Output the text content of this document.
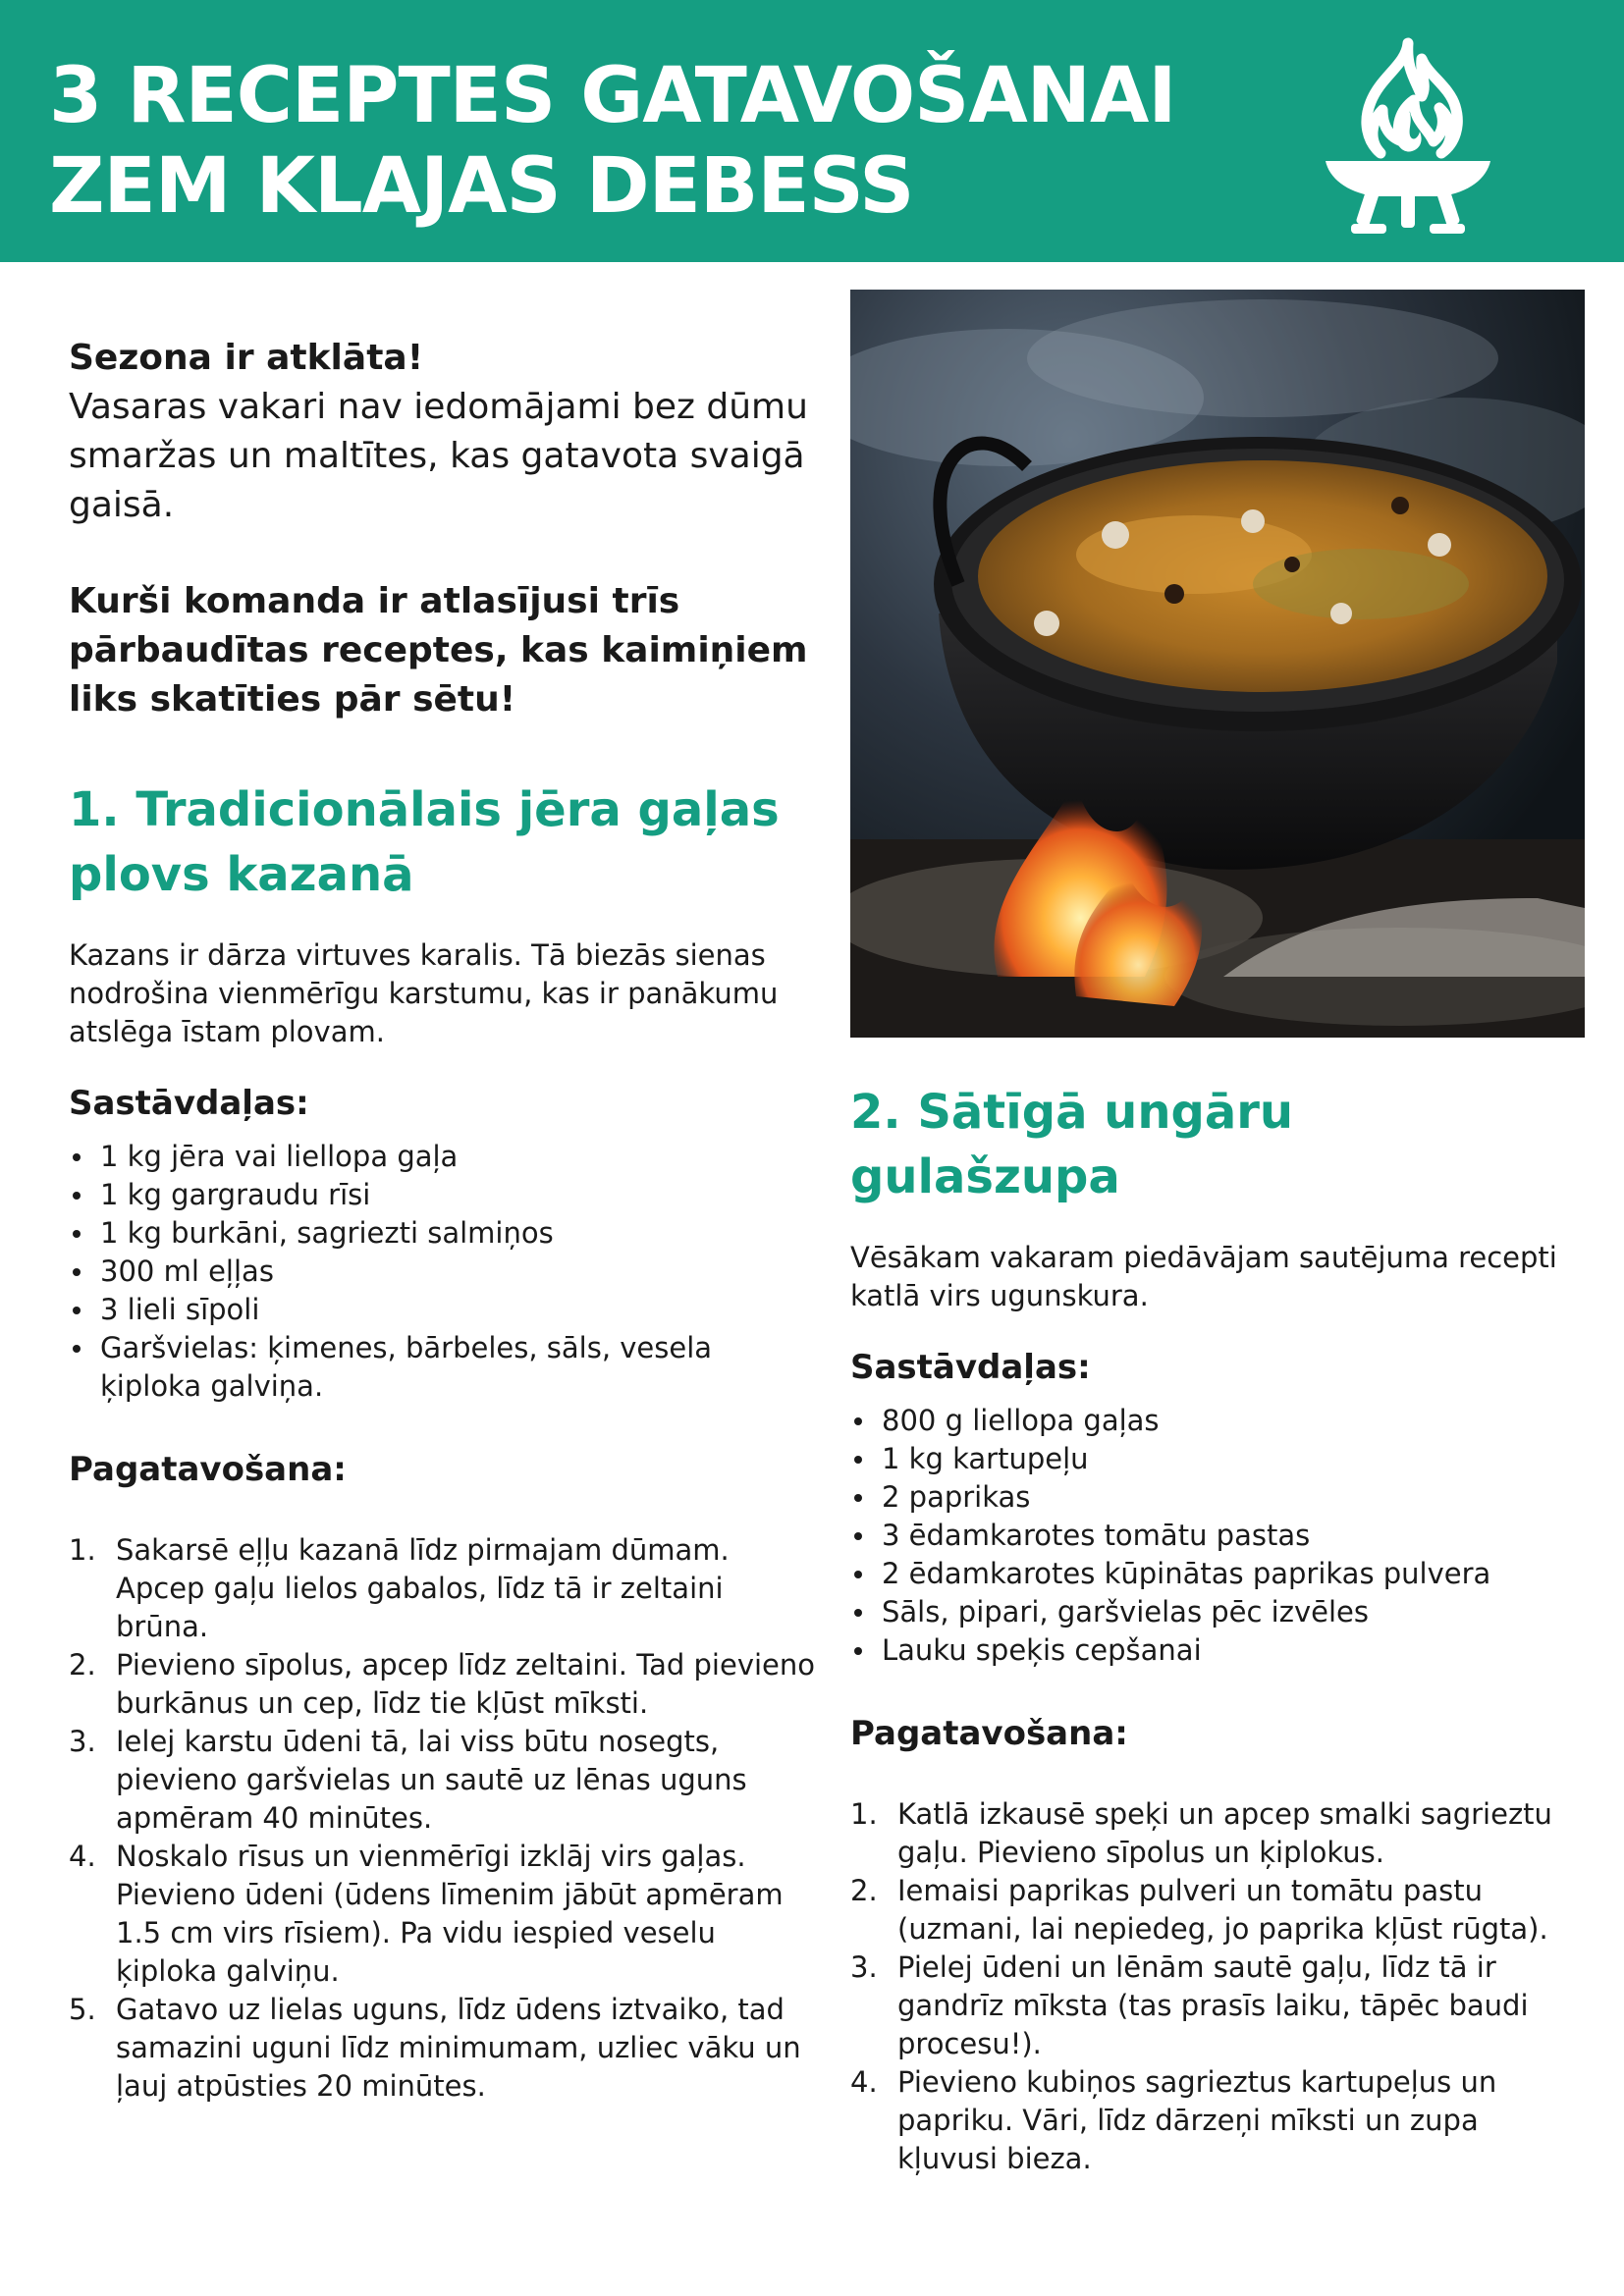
3 RECEPTES GATAVOŠANAI
ZEM KLAJAS DEBESS

Sezona ir atklāta!

Vasaras vakari nav iedomājami bez dūmu smaržas un maltītes, kas gatavota svaigā gaisā.

Kurši komanda ir atlasījusi trīs pārbaudītas receptes, kas kaimiņiem liks skatīties pār sētu!

1. Tradicionālais jēra gaļas plovs kazanā

Kazans ir dārza virtuves karalis. Tā biezās sienas nodrošina vienmērīgu karstumu, kas ir panākumu atslēga īstam plovam.

Sastāvdaļas:
1 kg jēra vai liellopa gaļa
1 kg gargraudu rīsi
1 kg burkāni, sagriezti salmiņos
300 ml eļļas
3 lieli sīpoli
Garšvielas: ķimenes, bārbeles, sāls, vesela ķiploka galviņa.
Pagatavošana:
1. Sakarsē eļļu kazanā līdz pirmajam dūmam. Apcep gaļu lielos gabalos, līdz tā ir zeltaini brūna.
2. Pievieno sīpolus, apcep līdz zeltaini. Tad pievieno burkānus un cep, līdz tie kļūst mīksti.
3. Ielej karstu ūdeni tā, lai viss būtu nosegts, pievieno garšvielas un sautē uz lēnas uguns apmēram 40 minūtes.
4. Noskalo rīsus un vienmērīgi izklāj virs gaļas. Pievieno ūdeni (ūdens līmenim jābūt apmēram 1.5 cm virs rīsiem). Pa vidu iespied veselu ķiploka galviņu.
5. Gatavo uz lielas uguns, līdz ūdens iztvaiko, tad samazini uguni līdz minimumam, uzliec vāku un ļauj atpūsties 20 minūtes.
2. Sātīgā ungāru gulašzupa

Vēsākam vakaram piedāvājam sautējuma recepti katlā virs ugunskura.

Sastāvdaļas:
800 g liellopa gaļas
1 kg kartupeļu
2 paprikas
3 ēdamkarotes tomātu pastas
2 ēdamkarotes kūpinātas paprikas pulvera
Sāls, pipari, garšvielas pēc izvēles
Lauku speķis cepšanai
Pagatavošana:
1. Katlā izkausē speķi un apcep smalki sagrieztu gaļu. Pievieno sīpolus un ķiplokus.
2. Iemaisi paprikas pulveri un tomātu pastu (uzmani, lai nepiedeg, jo paprika kļūst rūgta).
3. Pielej ūdeni un lēnām sautē gaļu, līdz tā ir gandrīz mīksta (tas prasīs laiku, tāpēc baudi procesu!).
4. Pievieno kubiņos sagrieztus kartupeļus un papriku. Vāri, līdz dārzeņi mīksti un zupa kļuvusi bieza.
